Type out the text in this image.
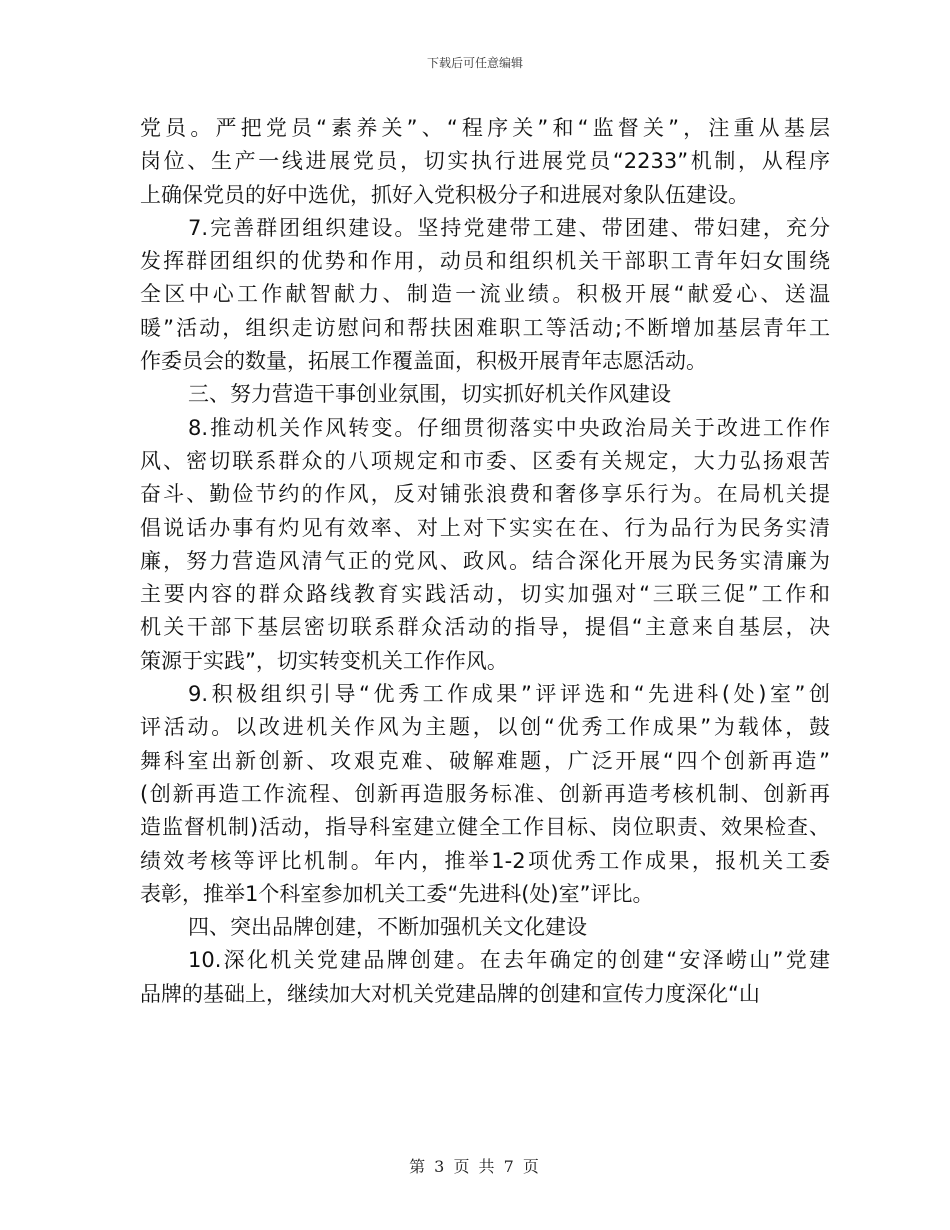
下载后可任意编辑
党员。严把党员“素养关”、“程序关”和“监督关”，注重从基层
岗位、生产一线进展党员，切实执行进展党员“2233”机制，从程序
上确保党员的好中选优，抓好入党积极分子和进展对象队伍建设。
7.完善群团组织建设。坚持党建带工建、带团建、带妇建，充分
发挥群团组织的优势和作用，动员和组织机关干部职工青年妇女围绕
全区中心工作献智献力、制造一流业绩。积极开展“献爱心、送温
暖”活动，组织走访慰问和帮扶困难职工等活动;不断增加基层青年工
作委员会的数量，拓展工作覆盖面，积极开展青年志愿活动。
三、努力营造干事创业氛围，切实抓好机关作风建设
8.推动机关作风转变。仔细贯彻落实中央政治局关于改进工作作
风、密切联系群众的八项规定和市委、区委有关规定，大力弘扬艰苦
奋斗、勤俭节约的作风，反对铺张浪费和奢侈享乐行为。在局机关提
倡说话办事有灼见有效率、对上对下实实在在、行为品行为民务实清
廉，努力营造风清气正的党风、政风。结合深化开展为民务实清廉为
主要内容的群众路线教育实践活动，切实加强对“三联三促”工作和
机关干部下基层密切联系群众活动的指导，提倡“主意来自基层，决
策源于实践”，切实转变机关工作作风。
9.积极组织引导“优秀工作成果”评评选和“先进科(处)室”创
评活动。以改进机关作风为主题，以创“优秀工作成果”为载体，鼓
舞科室出新创新、攻艰克难、破解难题，广泛开展“四个创新再造”
(创新再造工作流程、创新再造服务标准、创新再造考核机制、创新再
造监督机制)活动，指导科室建立健全工作目标、岗位职责、效果检查、
绩效考核等评比机制。年内，推举1-2项优秀工作成果，报机关工委
表彰，推举1个科室参加机关工委“先进科(处)室”评比。
四、突出品牌创建，不断加强机关文化建设
10.深化机关党建品牌创建。在去年确定的创建“安泽崂山”党建
品牌的基础上，继续加大对机关党建品牌的创建和宣传力度深化“山
第 3 页 共 7 页
